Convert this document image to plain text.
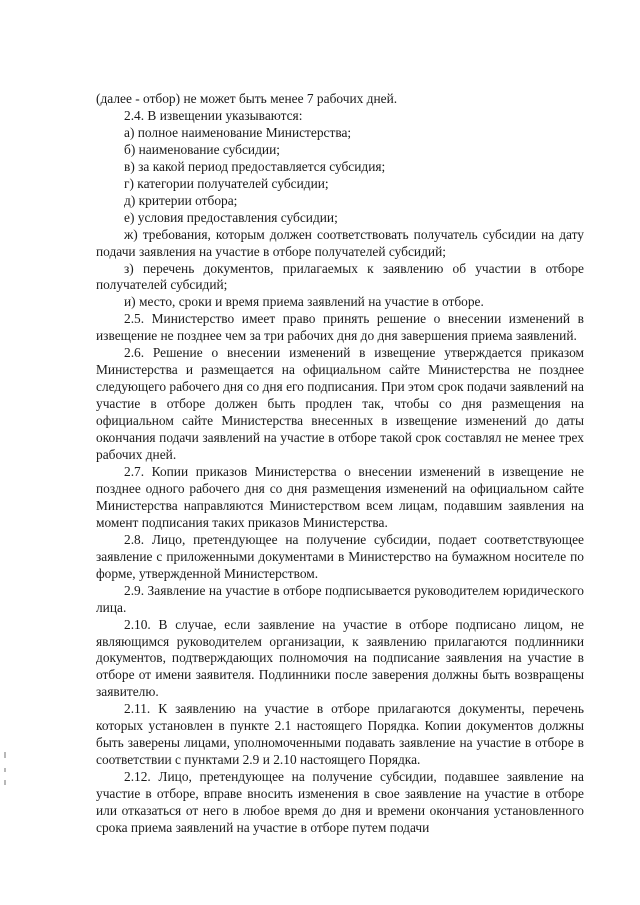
(далее - отбор) не может быть менее 7 рабочих дней.

2.4. В извещении указываются:

а) полное наименование Министерства;

б) наименование субсидии;

в) за какой период предоставляется субсидия;

г) категории получателей субсидии;

д) критерии отбора;

е) условия предоставления субсидии;

ж) требования, которым должен соответствовать получатель субсидии на дату подачи заявления на участие в отборе получателей субсидий;

з) перечень документов, прилагаемых к заявлению об участии в отборе получателей субсидий;

и) место, сроки и время приема заявлений на участие в отборе.

2.5. Министерство имеет право принять решение о внесении изменений в извещение не позднее чем за три рабочих дня до дня завершения приема заявлений.

2.6. Решение о внесении изменений в извещение утверждается приказом Министерства и размещается на официальном сайте Министерства не позднее следующего рабочего дня со дня его подписания. При этом срок подачи заявлений на участие в отборе должен быть продлен так, чтобы со дня размещения на официальном сайте Министерства внесенных в извещение изменений до даты окончания подачи заявлений на участие в отборе такой срок составлял не менее трех рабочих дней.

2.7. Копии приказов Министерства о внесении изменений в извещение не позднее одного рабочего дня со дня размещения изменений на официальном сайте Министерства направляются Министерством всем лицам, подавшим заявления на момент подписания таких приказов Министерства.

2.8. Лицо, претендующее на получение субсидии, подает соответствующее заявление с приложенными документами в Министерство на бумажном носителе по форме, утвержденной Министерством.

2.9. Заявление на участие в отборе подписывается руководителем юридического лица.

2.10. В случае, если заявление на участие в отборе подписано лицом, не являющимся руководителем организации, к заявлению прилагаются подлинники документов, подтверждающих полномочия на подписание заявления на участие в отборе от имени заявителя. Подлинники после заверения должны быть возвращены заявителю.

2.11. К заявлению на участие в отборе прилагаются документы, перечень которых установлен в пункте 2.1 настоящего Порядка. Копии документов должны быть заверены лицами, уполномоченными подавать заявление на участие в отборе в соответствии с пунктами 2.9 и 2.10 настоящего Порядка.

2.12. Лицо, претендующее на получение субсидии, подавшее заявление на участие в отборе, вправе вносить изменения в свое заявление на участие в отборе или отказаться от него в любое время до дня и времени окончания установленного срока приема заявлений на участие в отборе путем подачи
